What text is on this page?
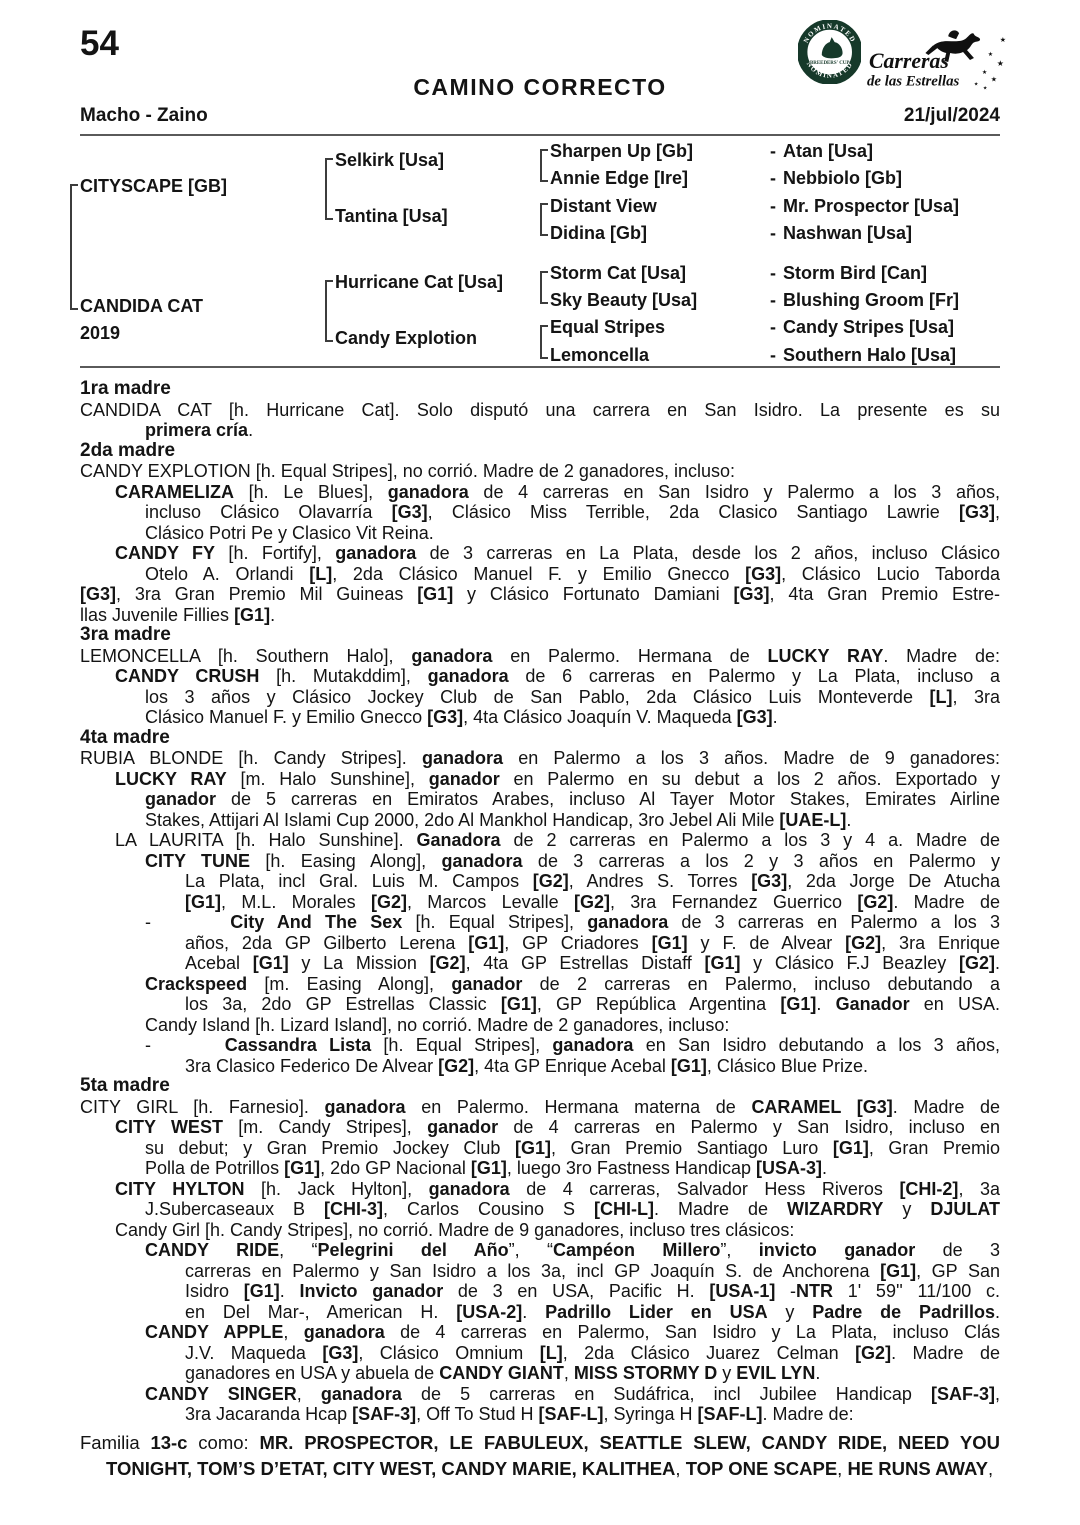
54	NOMINATED
NOMINATED
BREEDERS' CUP Carreras
de las Estrellas
★
★
★
★
★
★
★
CAMINO CORRECTO
Macho - Zaino	21/jul/2024
CITYSCAPE [GB]
CANDIDA CAT
2019
Selkirk [Usa]
Tantina [Usa]
Hurricane Cat [Usa]
Candy Explotion
Sharpen Up [Gb]
Annie Edge [Ire]
Distant View
Didina [Gb]
Storm Cat [Usa]
Sky Beauty [Usa]
Equal Stripes
Lemoncella
- Atan [Usa]
- Nebbiolo [Gb]
- Mr. Prospector [Usa]
- Nashwan [Usa]
- Storm Bird [Can]
- Blushing Groom [Fr]
- Candy Stripes [Usa]
- Southern Halo [Usa]
1ra madre
CANDIDA CAT [h. Hurricane Cat]. Solo disputó una carrera en San Isidro. La presente es su
primera cría.
2da madre
CANDY EXPLOTION [h. Equal Stripes], no corrió. Madre de 2 ganadores, incluso:
CARAMELIZA [h. Le Blues], ganadora de 4 carreras en San Isidro y Palermo a los 3 años,
incluso Clásico Olavarría [G3], Clásico Miss Terrible, 2da Clasico Santiago Lawrie [G3],
Clásico Potri Pe y Clasico Vit Reina.
CANDY FY [h. Fortify], ganadora de 3 carreras en La Plata, desde los 2 años, incluso Clásico
Otelo A. Orlandi [L], 2da Clásico Manuel F. y Emilio Gnecco [G3], Clásico Lucio Taborda
[G3], 3ra Gran Premio Mil Guineas [G1] y Clásico Fortunato Damiani [G3], 4ta Gran Premio Estre-
llas Juvenile Fillies [G1].
3ra madre
LEMONCELLA [h. Southern Halo], ganadora en Palermo. Hermana de LUCKY RAY. Madre de:
CANDY CRUSH [h. Mutakddim], ganadora de 6 carreras en Palermo y La Plata, incluso a
los 3 años y Clásico Jockey Club de San Pablo, 2da Clásico Luis Monteverde [L], 3ra
Clásico Manuel F. y Emilio Gnecco [G3], 4ta Clásico Joaquín V. Maqueda [G3].
4ta madre
RUBIA BLONDE [h. Candy Stripes]. ganadora en Palermo a los 3 años. Madre de 9 ganadores:
LUCKY RAY [m. Halo Sunshine], ganador en Palermo en su debut a los 2 años. Exportado y
ganador de 5 carreras en Emiratos Arabes, incluso Al Tayer Motor Stakes, Emirates Airline
Stakes, Attijari Al Islami Cup 2000, 2do Al Mankhol Handicap, 3ro Jebel Ali Mile [UAE-L].
LA LAURITA [h. Halo Sunshine]. Ganadora de 2 carreras en Palermo a los 3 y 4 a. Madre de
CITY TUNE [h. Easing Along], ganadora de 3 carreras a los 2 y 3 años en Palermo y
La Plata, incl Gral. Luis M. Campos [G2], Andres S. Torres [G3], 2da Jorge De Atucha
[G1], M.L. Morales [G2], Marcos Levalle [G2], 3ra Fernandez Guerrico [G2]. Madre de
-      City And The Sex [h. Equal Stripes], ganadora de 3 carreras en Palermo a los 3
años, 2da GP Gilberto Lerena [G1], GP Criadores [G1] y F. de Alvear [G2], 3ra Enrique
Acebal [G1] y La Mission [G2], 4ta GP Estrellas Distaff [G1] y Clásico F.J Beazley [G2].
Crackspeed [m. Easing Along], ganador de 2 carreras en Palermo, incluso debutando a
los 3a, 2do GP Estrellas Classic [G1], GP República Argentina [G1]. Ganador en USA.
Candy Island [h. Lizard Island], no corrió. Madre de 2 ganadores, incluso:
-      Cassandra Lista [h. Equal Stripes], ganadora en San Isidro debutando a los 3 años,
3ra Clasico Federico De Alvear [G2], 4ta GP Enrique Acebal [G1], Clásico Blue Prize.
5ta madre
CITY GIRL [h. Farnesio]. ganadora en Palermo. Hermana materna de CARAMEL [G3]. Madre de
CITY WEST [m. Candy Stripes], ganador de 4 carreras en Palermo y San Isidro, incluso en
su debut; y Gran Premio Jockey Club [G1], Gran Premio Santiago Luro [G1], Gran Premio
Polla de Potrillos [G1], 2do GP Nacional [G1], luego 3ro Fastness Handicap [USA-3].
CITY HYLTON [h. Jack Hylton], ganadora de 4 carreras, Salvador Hess Riveros [CHI-2], 3a
J.Subercaseaux B [CHI-3], Carlos Cousino S [CHI-L]. Madre de WIZARDRY y DJULAT
Candy Girl [h. Candy Stripes], no corrió. Madre de 9 ganadores, incluso tres clásicos:
CANDY RIDE, “Pelegrini del Año”, “Campéon Millero”, invicto ganador de 3
carreras en Palermo y San Isidro a los 3a, incl GP Joaquín S. de Anchorena [G1], GP San
Isidro [G1]. Invicto ganador de 3 en USA, Pacific H. [USA-1] -NTR 1' 59'' 11/100 c.
en Del Mar-, American H. [USA-2]. Padrillo Lider en USA y Padre de Padrillos.
CANDY APPLE, ganadora de 4 carreras en Palermo, San Isidro y La Plata, incluso Clás
J.V. Maqueda [G3], Clásico Omnium [L], 2da Clásico Juarez Celman [G2]. Madre de
ganadores en USA y abuela de CANDY GIANT, MISS STORMY D y EVIL LYN.
CANDY SINGER, ganadora de 5 carreras en Sudáfrica, incl Jubilee Handicap [SAF-3],
3ra Jacaranda Hcap [SAF-3], Off To Stud H [SAF-L], Syringa H [SAF-L]. Madre de:
Familia 13-c como: MR. PROSPECTOR, LE FABULEUX, SEATTLE SLEW, CANDY RIDE, NEED YOU
TONIGHT, TOM’S D’ETAT, CITY WEST, CANDY MARIE, KALITHEA, TOP ONE SCAPE, HE RUNS AWAY,
